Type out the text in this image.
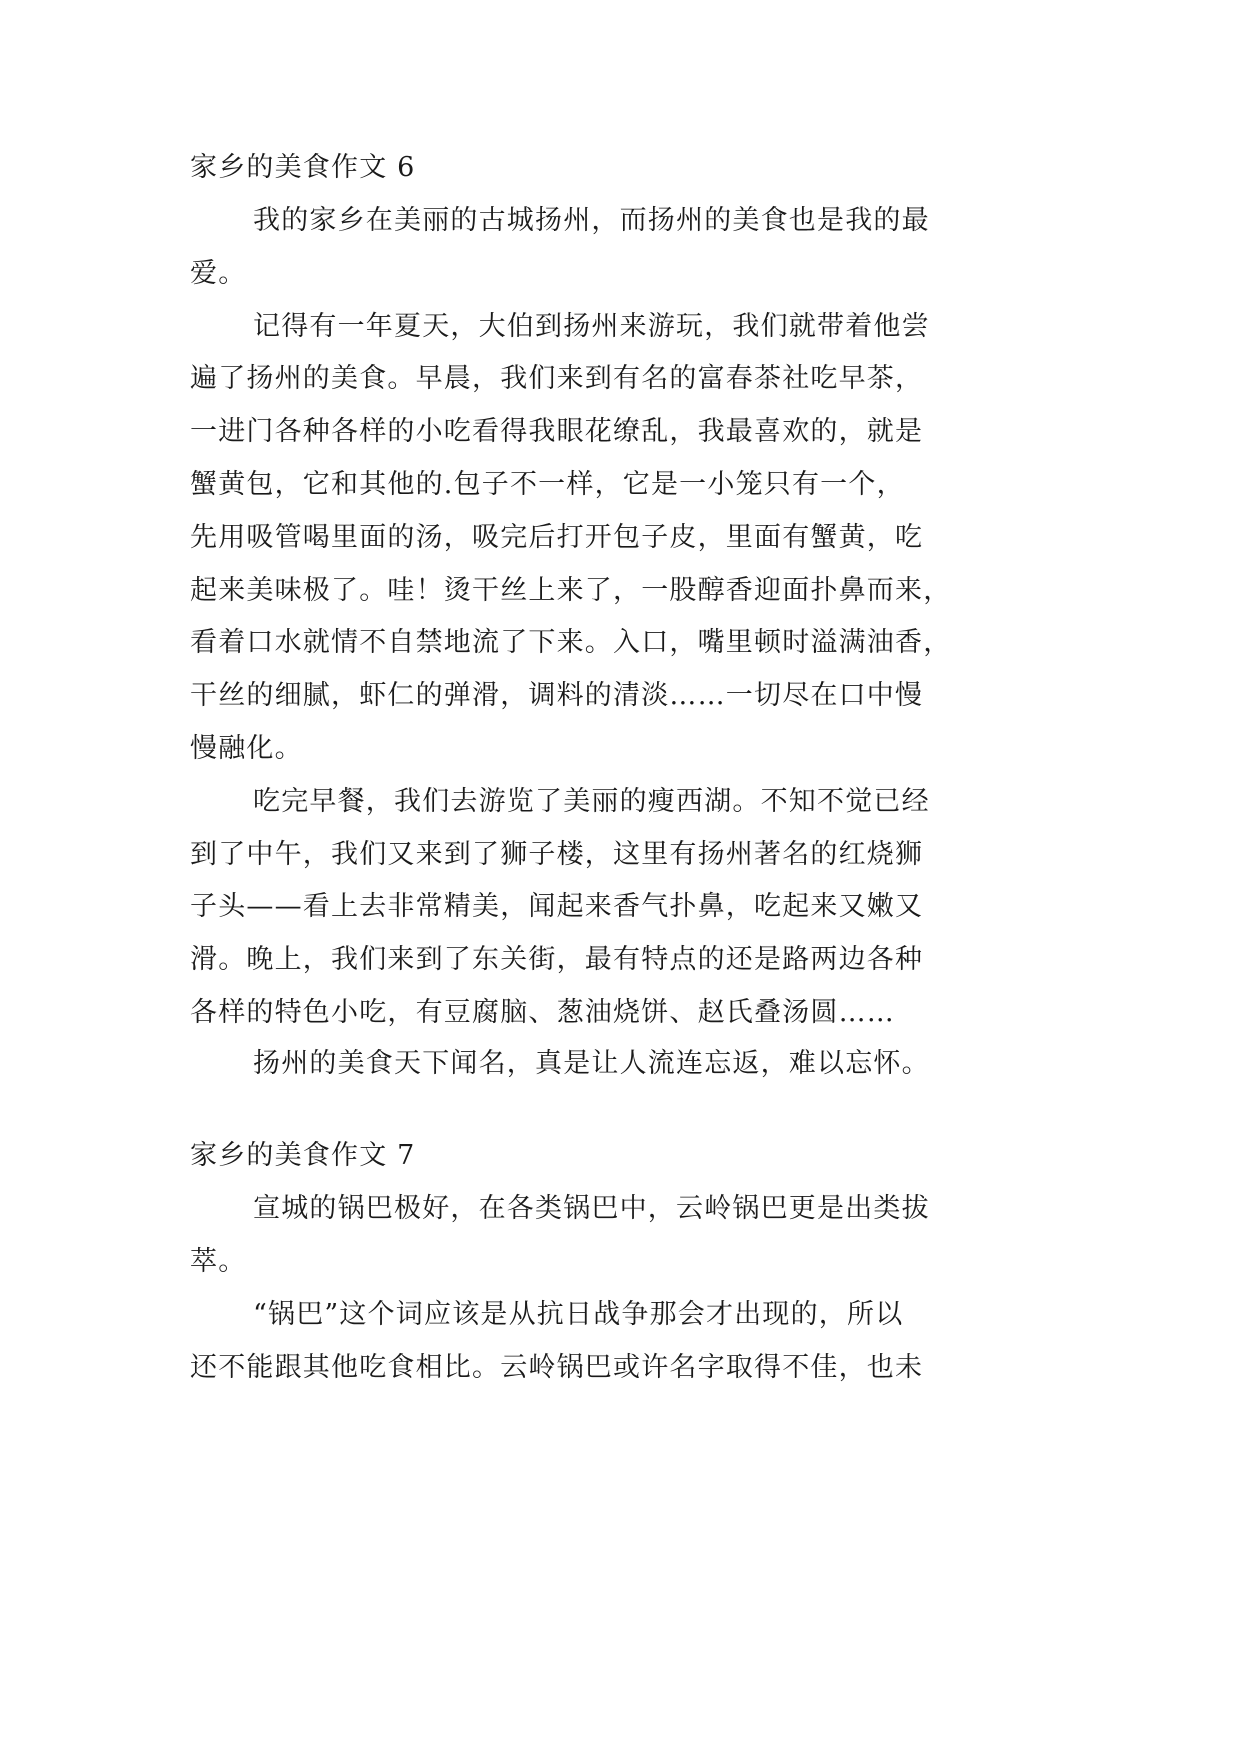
家乡的美食作文 6
我的家乡在美丽的古城扬州，而扬州的美食也是我的最
爱。
记得有一年夏天，大伯到扬州来游玩，我们就带着他尝
遍了扬州的美食。早晨，我们来到有名的富春茶社吃早茶，
一进门各种各样的小吃看得我眼花缭乱，我最喜欢的，就是
蟹黄包，它和其他的.包子不一样，它是一小笼只有一个，
先用吸管喝里面的汤，吸完后打开包子皮，里面有蟹黄，吃
起来美味极了。哇！烫干丝上来了，一股醇香迎面扑鼻而来，
看着口水就情不自禁地流了下来。入口，嘴里顿时溢满油香，
干丝的细腻，虾仁的弹滑，调料的清淡……一切尽在口中慢
慢融化。
吃完早餐，我们去游览了美丽的瘦西湖。不知不觉已经
到了中午，我们又来到了狮子楼，这里有扬州著名的红烧狮
子头——看上去非常精美，闻起来香气扑鼻，吃起来又嫩又
滑。晚上，我们来到了东关街，最有特点的还是路两边各种
各样的特色小吃，有豆腐脑、葱油烧饼、赵氏叠汤圆……
扬州的美食天下闻名，真是让人流连忘返，难以忘怀。
家乡的美食作文 7
宣城的锅巴极好，在各类锅巴中，云岭锅巴更是出类拔
萃。
“锅巴”这个词应该是从抗日战争那会才出现的，所以
还不能跟其他吃食相比。云岭锅巴或许名字取得不佳，也未
